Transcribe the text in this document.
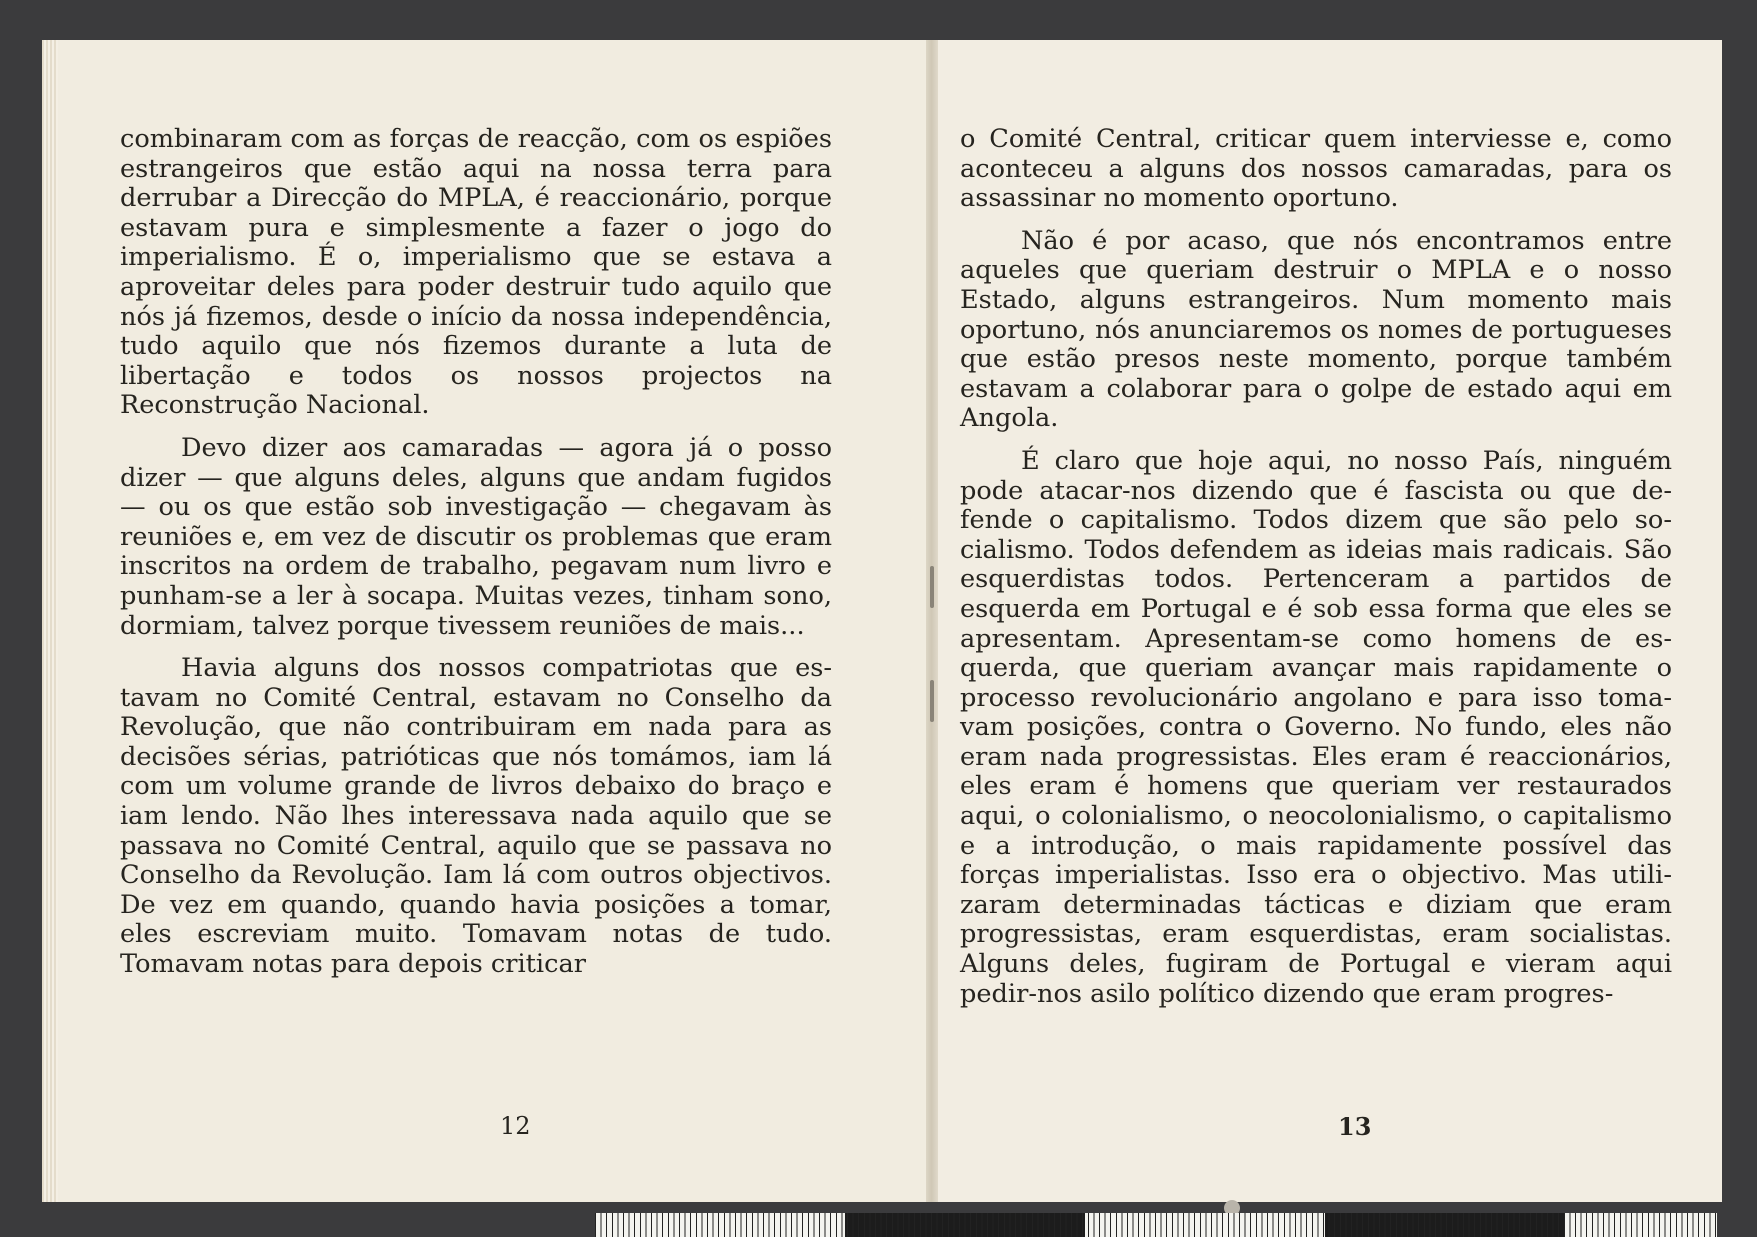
combinaram com as forças de reacção, com os espiões estrangeiros que estão aqui na nossa terra para derrubar a Direcção do MPLA, é reaccionário, porque estavam pura e simplesmente a fazer o jogo do imperialismo. É o, imperialismo que se estava a aproveitar deles para poder destruir tudo aquilo que nós já fizemos, desde o início da nossa independência, tudo aquilo que nós fizemos durante a luta de libertação e todos os nossos projectos na Reconstrução Nacional.

Devo dizer aos camaradas — agora já o posso dizer — que alguns deles, alguns que andam fugidos — ou os que estão sob investigação — chegavam às reuniões e, em vez de discutir os problemas que eram inscritos na ordem de trabalho, pegavam num livro e punham-se a ler à socapa. Muitas vezes, tinham sono, dormiam, talvez porque tivessem reuniões de mais...

Havia alguns dos nossos compatriotas que estavam no Comité Central, estavam no Conselho da Revolução, que não contribuiram em nada para as decisões sérias, patrióticas que nós tomámos, iam lá com um volume grande de livros debaixo do braço e iam lendo. Não lhes interessava nada aquilo que se passava no Comité Central, aquilo que se passava no Conselho da Revolução. Iam lá com outros objectivos. De vez em quando, quando havia posições a tomar, eles escreviam muito. Tomavam notas de tudo. Tomavam notas para depois criticar

o Comité Central, criticar quem interviesse e, como aconteceu a alguns dos nossos camaradas, para os assassinar no momento oportuno.

Não é por acaso, que nós encontramos entre aqueles que queriam destruir o MPLA e o nosso Estado, alguns estrangeiros. Num momento mais oportuno, nós anunciaremos os nomes de portugueses que estão presos neste momento, porque também estavam a colaborar para o golpe de estado aqui em Angola.

É claro que hoje aqui, no nosso País, ninguém pode atacar-nos dizendo que é fascista ou que defende o capitalismo. Todos dizem que são pelo socialismo. Todos defendem as ideias mais radicais. São esquerdistas todos. Pertenceram a partidos de esquerda em Portugal e é sob essa forma que eles se apresentam. Apresentam-se como homens de esquerda, que queriam avançar mais rapidamente o processo revolucionário angolano e para isso tomavam posições, contra o Governo. No fundo, eles não eram nada progressistas. Eles eram é reaccionários, eles eram é homens que queriam ver restaurados aqui, o colonialismo, o neocolonialismo, o capitalismo e a introdução, o mais rapidamente possível das forças imperialistas. Isso era o objectivo. Mas utilizaram determinadas tácticas e diziam que eram progressistas, eram esquerdistas, eram socialistas. Alguns deles, fugiram de Portugal e vieram aqui pedir-nos asilo político dizendo que eram progres-

12	13
